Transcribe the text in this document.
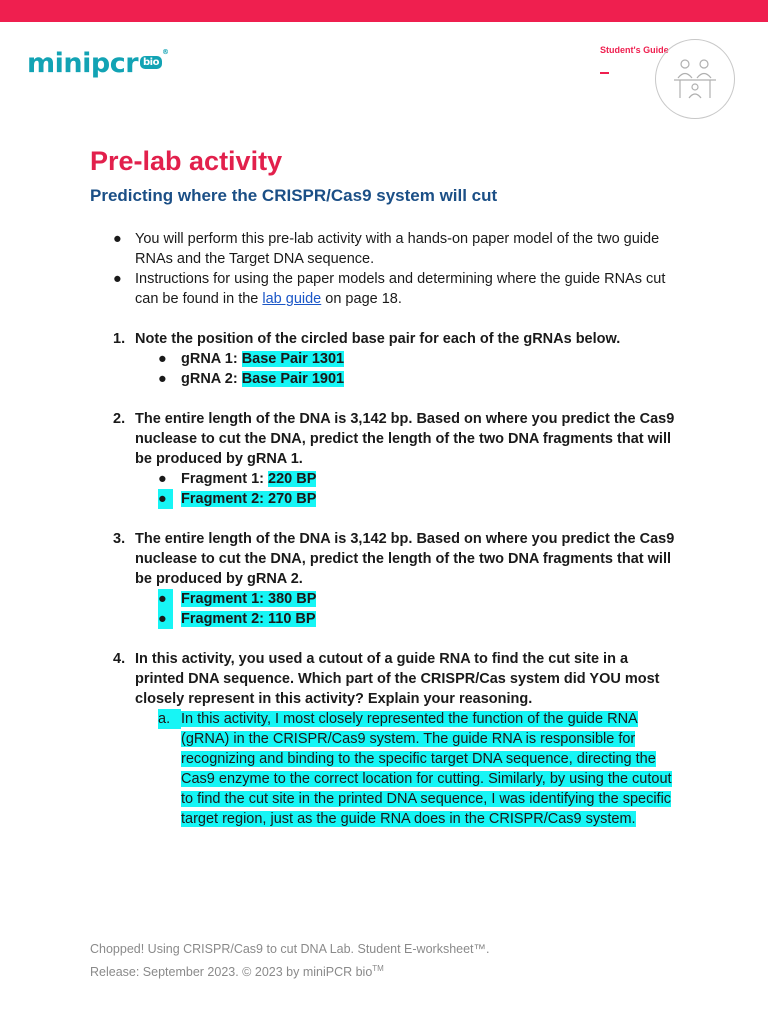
minipcr bio®	Student's Guide
Pre-lab activity
Predicting where the CRISPR/Cas9 system will cut
● You will perform this pre-lab activity with a hands-on paper model of the two guide RNAs and the Target DNA sequence.
● Instructions for using the paper models and determining where the guide RNAs cut can be found in the lab guide on page 18.
1. Note the position of the circled base pair for each of the gRNAs below.
● gRNA 1: Base Pair 1301
● gRNA 2: Base Pair 1901
2. The entire length of the DNA is 3,142 bp. Based on where you predict the Cas9 nuclease to cut the DNA, predict the length of the two DNA fragments that will be produced by gRNA 1.
● Fragment 1: 220 BP
● Fragment 2: 270 BP
3. The entire length of the DNA is 3,142 bp. Based on where you predict the Cas9 nuclease to cut the DNA, predict the length of the two DNA fragments that will be produced by gRNA 2.
● Fragment 1: 380 BP
● Fragment 2: 110 BP
4. In this activity, you used a cutout of a guide RNA to find the cut site in a printed DNA sequence. Which part of the CRISPR/Cas system did YOU most closely represent in this activity? Explain your reasoning.
a. In this activity, I most closely represented the function of the guide RNA (gRNA) in the CRISPR/Cas9 system. The guide RNA is responsible for recognizing and binding to the specific target DNA sequence, directing the Cas9 enzyme to the correct location for cutting. Similarly, by using the cutout to find the cut site in the printed DNA sequence, I was identifying the specific target region, just as the guide RNA does in the CRISPR/Cas9 system.
Chopped! Using CRISPR/Cas9 to cut DNA Lab. Student E-worksheet™.
Release: September 2023. © 2023 by miniPCR bio™
